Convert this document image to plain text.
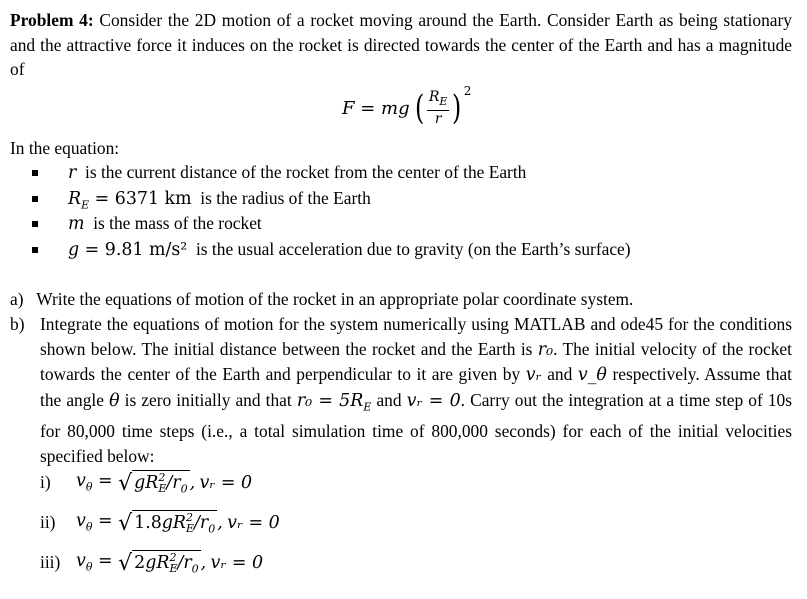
Problem 4: Consider the 2D motion of a rocket moving around the Earth. Consider Earth as being stationary and the attractive force it induces on the rocket is directed towards the center of the Earth and has a magnitude of
F = mg ( $\frac{R_E}{r}$ ) 2
In the equation:
r is the current distance of the rocket from the center of the Earth
$R_E = 6371$ km is the radius of the Earth
m is the mass of the rocket
g = 9.81 m/s² is the usual acceleration due to gravity (on the Earth’s surface)
a) Write the equations of motion of the rocket in an appropriate polar coordinate system.
b) Integrate the equations of motion for the system numerically using MATLAB and ode45 for the conditions shown below. The initial distance between the rocket and the Earth is r₀. The initial velocity of the rocket towards the center of the Earth and perpendicular to it are given by vᵣ and v_θ respectively. Assume that the angle θ is zero initially and that $r_0 = 5R_E$ and vᵣ = 0. Carry out the integration at a time step of 10s for 80,000 time steps (i.e., a total simulation time of 800,000 seconds) for each of the initial velocities specified below:
i)	$v_\theta$ = √ $gR^2_E/r_0$ ,
vᵣ = 0
ii)	$v_\theta$ = √ $1.8gR^2_E/r_0$ ,
vᵣ = 0
iii) $v_\theta$ = √ $2gR^2_E/r_0$ ,
vᵣ = 0
